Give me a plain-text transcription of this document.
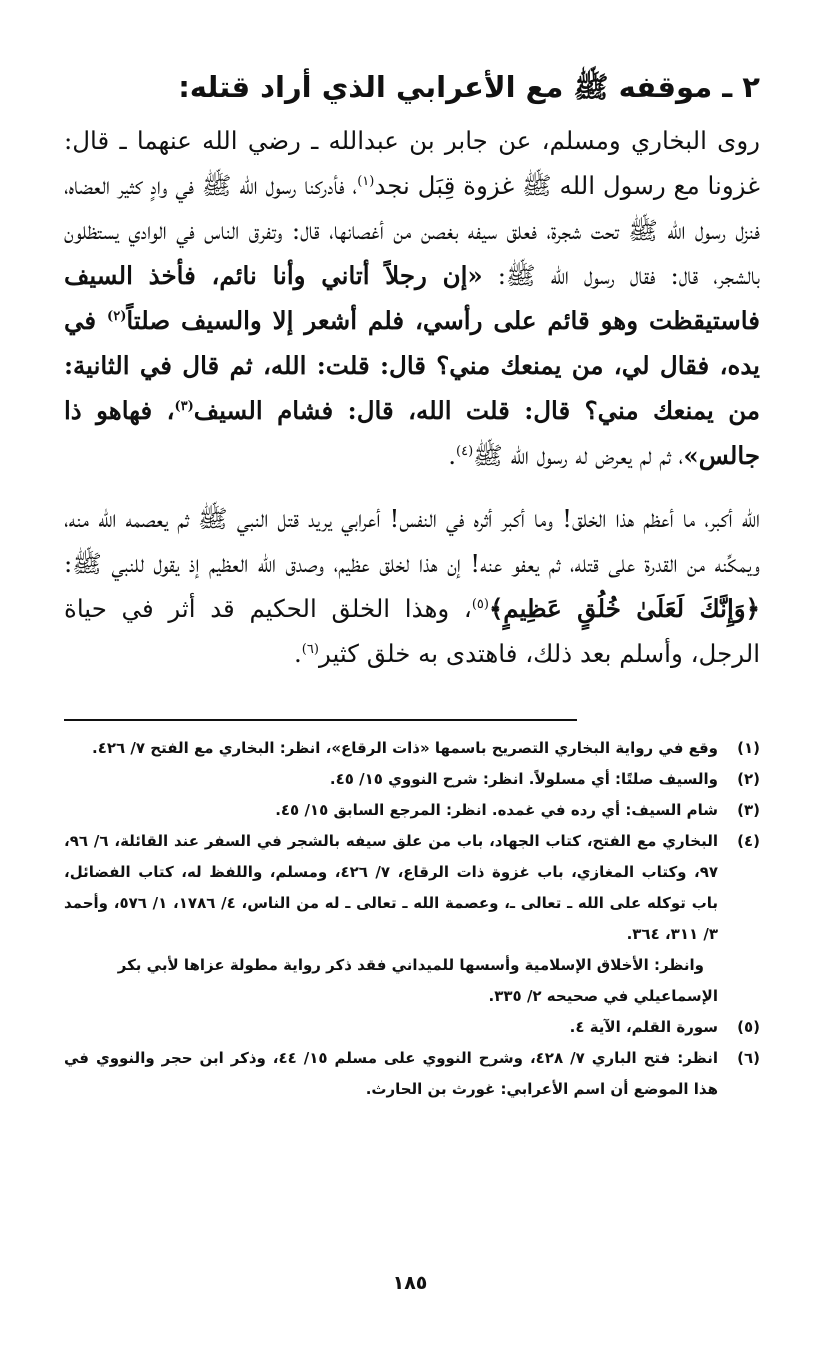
٢ ـ موقفه ﷺ مع الأعرابي الذي أراد قتله:

روى البخاري ومسلم، عن جابر بن عبدالله ـ رضي الله عنهما ـ قال: غزونا مع رسول الله ﷺ غزوة قِبَل نجد$^{(١)}$، فأدركنا رسول الله ﷺ في وادٍ كثير العضاه، فنزل رسول الله ﷺ تحت شجرة، فعلق سيفه بغصن من أغصانها، قال: وتفرق الناس في الوادي يستظلون بالشجر، قال: فقال رسول الله ﷺ: «إن رجلاً أتاني وأنا نائم، فأخذ السيف فاستيقظت وهو قائم على رأسي، فلم أشعر إلا والسيف صلتاً$^{(٢)}$ في يده، فقال لي، من يمنعك مني؟ قال: قلت: الله، ثم قال في الثانية: من يمنعك مني؟ قال: قلت الله، قال: فشام السيف$^{(٣)}$، فهاهو ذا جالس»، ثم لم يعرض له رسول الله ﷺ$^{(٤)}$.

الله أكبر، ما أعظم هذا الخلق! وما أكبر أثره في النفس! أعرابي يريد قتل النبي ﷺ ثم يعصمه الله منه، ويمكِّنه من القدرة على قتله، ثم يعفو عنه! إن هذا لخلق عظيم، وصدق الله العظيم إذ يقول للنبي ﷺ: ﴿وَإِنَّكَ لَعَلَىٰ خُلُقٍ عَظِيمٍ﴾$^{(٥)}$، وهذا الخلق الحكيم قد أثر في حياة الرجل، وأسلم بعد ذلك، فاهتدى به خلق كثير$^{(٦)}$.

(١)
وقع في رواية البخاري التصريح باسمها «ذات الرقاع»، انظر: البخاري مع الفتح ٧/ ٤٢٦.
(٢)
والسيف صلتًا: أي مسلولاً. انظر: شرح النووي ١٥/ ٤٥.
(٣)
شام السيف: أي رده في غمده. انظر: المرجع السابق ١٥/ ٤٥.
(٤)
البخاري مع الفتح، كتاب الجهاد، باب من علق سيفه بالشجر في السفر عند القائلة، ٦/ ٩٦، ٩٧، وكتاب المغازي، باب غزوة ذات الرقاع، ٧/ ٤٢٦، ومسلم، واللفظ له، كتاب الفضائل، باب توكله على الله ـ تعالى ـ، وعصمة الله ـ تعالى ـ له من الناس، ٤/ ١٧٨٦، ١/ ٥٧٦، وأحمد ٣/ ٣١١، ٣٦٤.
وانظر: الأخلاق الإسلامية وأسسها للميداني فقد ذكر رواية مطولة عزاها لأبي بكر الإسماعيلي في صحيحه ٢/ ٣٣٥.
(٥)
سورة القلم، الآية ٤.
(٦)
انظر: فتح الباري ٧/ ٤٢٨، وشرح النووي على مسلم ١٥/ ٤٤، وذكر ابن حجر والنووي في هذا الموضع أن اسم الأعرابي: غورث بن الحارث.
١٨٥
